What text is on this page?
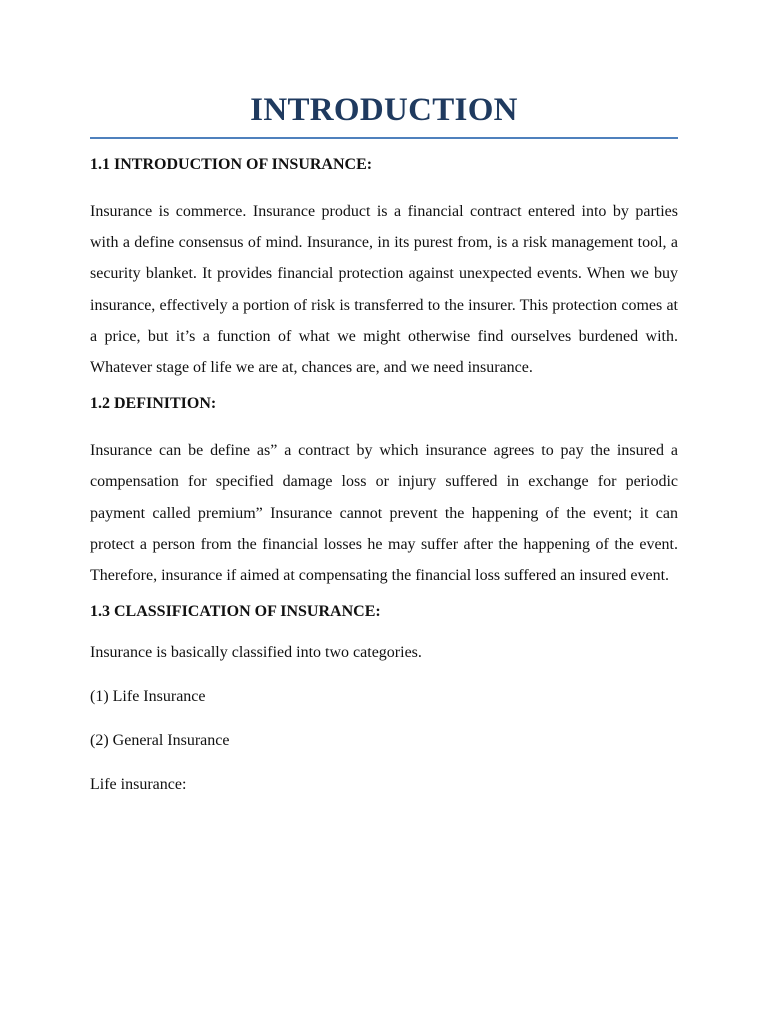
INTRODUCTION
1.1 INTRODUCTION OF INSURANCE:

Insurance is commerce. Insurance product is a financial contract entered into by parties with a define consensus of mind. Insurance, in its purest from, is a risk management tool, a security blanket. It provides financial protection against unexpected events. When we buy insurance, effectively a portion of risk is transferred to the insurer. This protection comes at a price, but it’s a function of what we might otherwise find ourselves burdened with. Whatever stage of life we are at, chances are, and we need insurance.

1.2 DEFINITION:

Insurance can be define as” a contract by which insurance agrees to pay the insured a compensation for specified damage loss or injury suffered in exchange for periodic payment called premium” Insurance cannot prevent the happening of the event; it can protect a person from the financial losses he may suffer after the happening of the event. Therefore, insurance if aimed at compensating the financial loss suffered an insured event.

1.3 CLASSIFICATION OF INSURANCE:
Insurance is basically classified into two categories.
(1) Life Insurance
(2) General Insurance
Life insurance:
